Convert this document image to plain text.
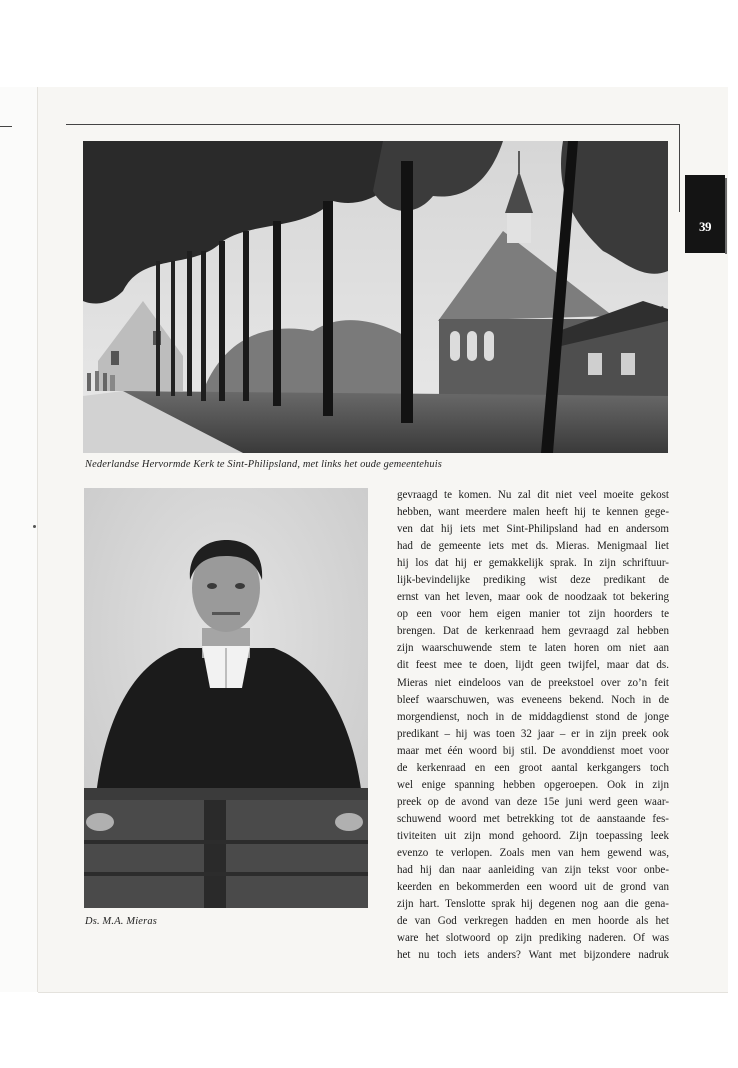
39
Nederlandse Hervormde Kerk te Sint-Philipsland, met links het oude gemeentehuis
Ds. M.A. Mieras
gevraagd te komen. Nu zal dit niet veel moeite gekost
hebben, want meerdere malen heeft hij te kennen gege-
ven dat hij iets met Sint-Philipsland had en andersom
had de gemeente iets met ds. Mieras. Menigmaal liet
hij los dat hij er gemakkelijk sprak. In zijn schriftuur-
lijk-bevindelijke prediking wist deze predikant de
ernst van het leven, maar ook de noodzaak tot bekering
op een voor hem eigen manier tot zijn hoorders te
brengen. Dat de kerkenraad hem gevraagd zal hebben
zijn waarschuwende stem te laten horen om niet aan
dit feest mee te doen, lijdt geen twijfel, maar dat ds.
Mieras niet eindeloos van de preekstoel over zo’n feit
bleef waarschuwen, was eveneens bekend. Noch in de
morgendienst, noch in de middagdienst stond de jonge
predikant – hij was toen 32 jaar – er in zijn preek ook
maar met één woord bij stil. De avonddienst moet voor
de kerkenraad en een groot aantal kerkgangers toch
wel enige spanning hebben opgeroepen. Ook in zijn
preek op de avond van deze 15e juni werd geen waar-
schuwend woord met betrekking tot de aanstaande fes-
tiviteiten uit zijn mond gehoord. Zijn toepassing leek
evenzo te verlopen. Zoals men van hem gewend was,
had hij dan naar aanleiding van zijn tekst voor onbe-
keerden en bekommerden een woord uit de grond van
zijn hart. Tenslotte sprak hij degenen nog aan die gena-
de van God verkregen hadden en men hoorde als het
ware het slotwoord op zijn prediking naderen. Of was
het nu toch iets anders? Want met bijzondere nadruk
